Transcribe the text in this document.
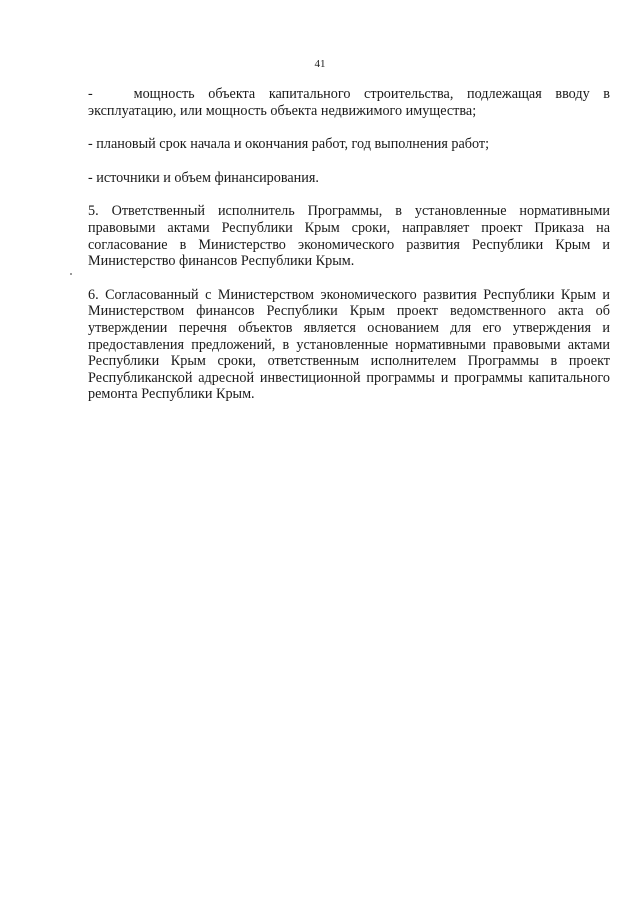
41

-   мощность объекта капитального строительства, подлежащая вводу в эксплуатацию, или мощность объекта недвижимого имущества;

- плановый срок начала и окончания работ, год выполнения работ;

- источники и объем финансирования.

5. Ответственный исполнитель Программы, в установленные нормативными правовыми актами Республики Крым сроки, направляет проект Приказа на согласование в Министерство экономического развития Республики Крым и Министерство финансов Республики Крым.

6. Согласованный с Министерством экономического развития Республики Крым и Министерством финансов Республики Крым проект ведомственного акта об утверждении перечня объектов является основанием для его утверждения и предоставления предложений, в установленные нормативными правовыми актами Республики Крым сроки, ответственным исполнителем Программы в проект Республиканской адресной инвестиционной программы и программы капитального ремонта Республики Крым.
